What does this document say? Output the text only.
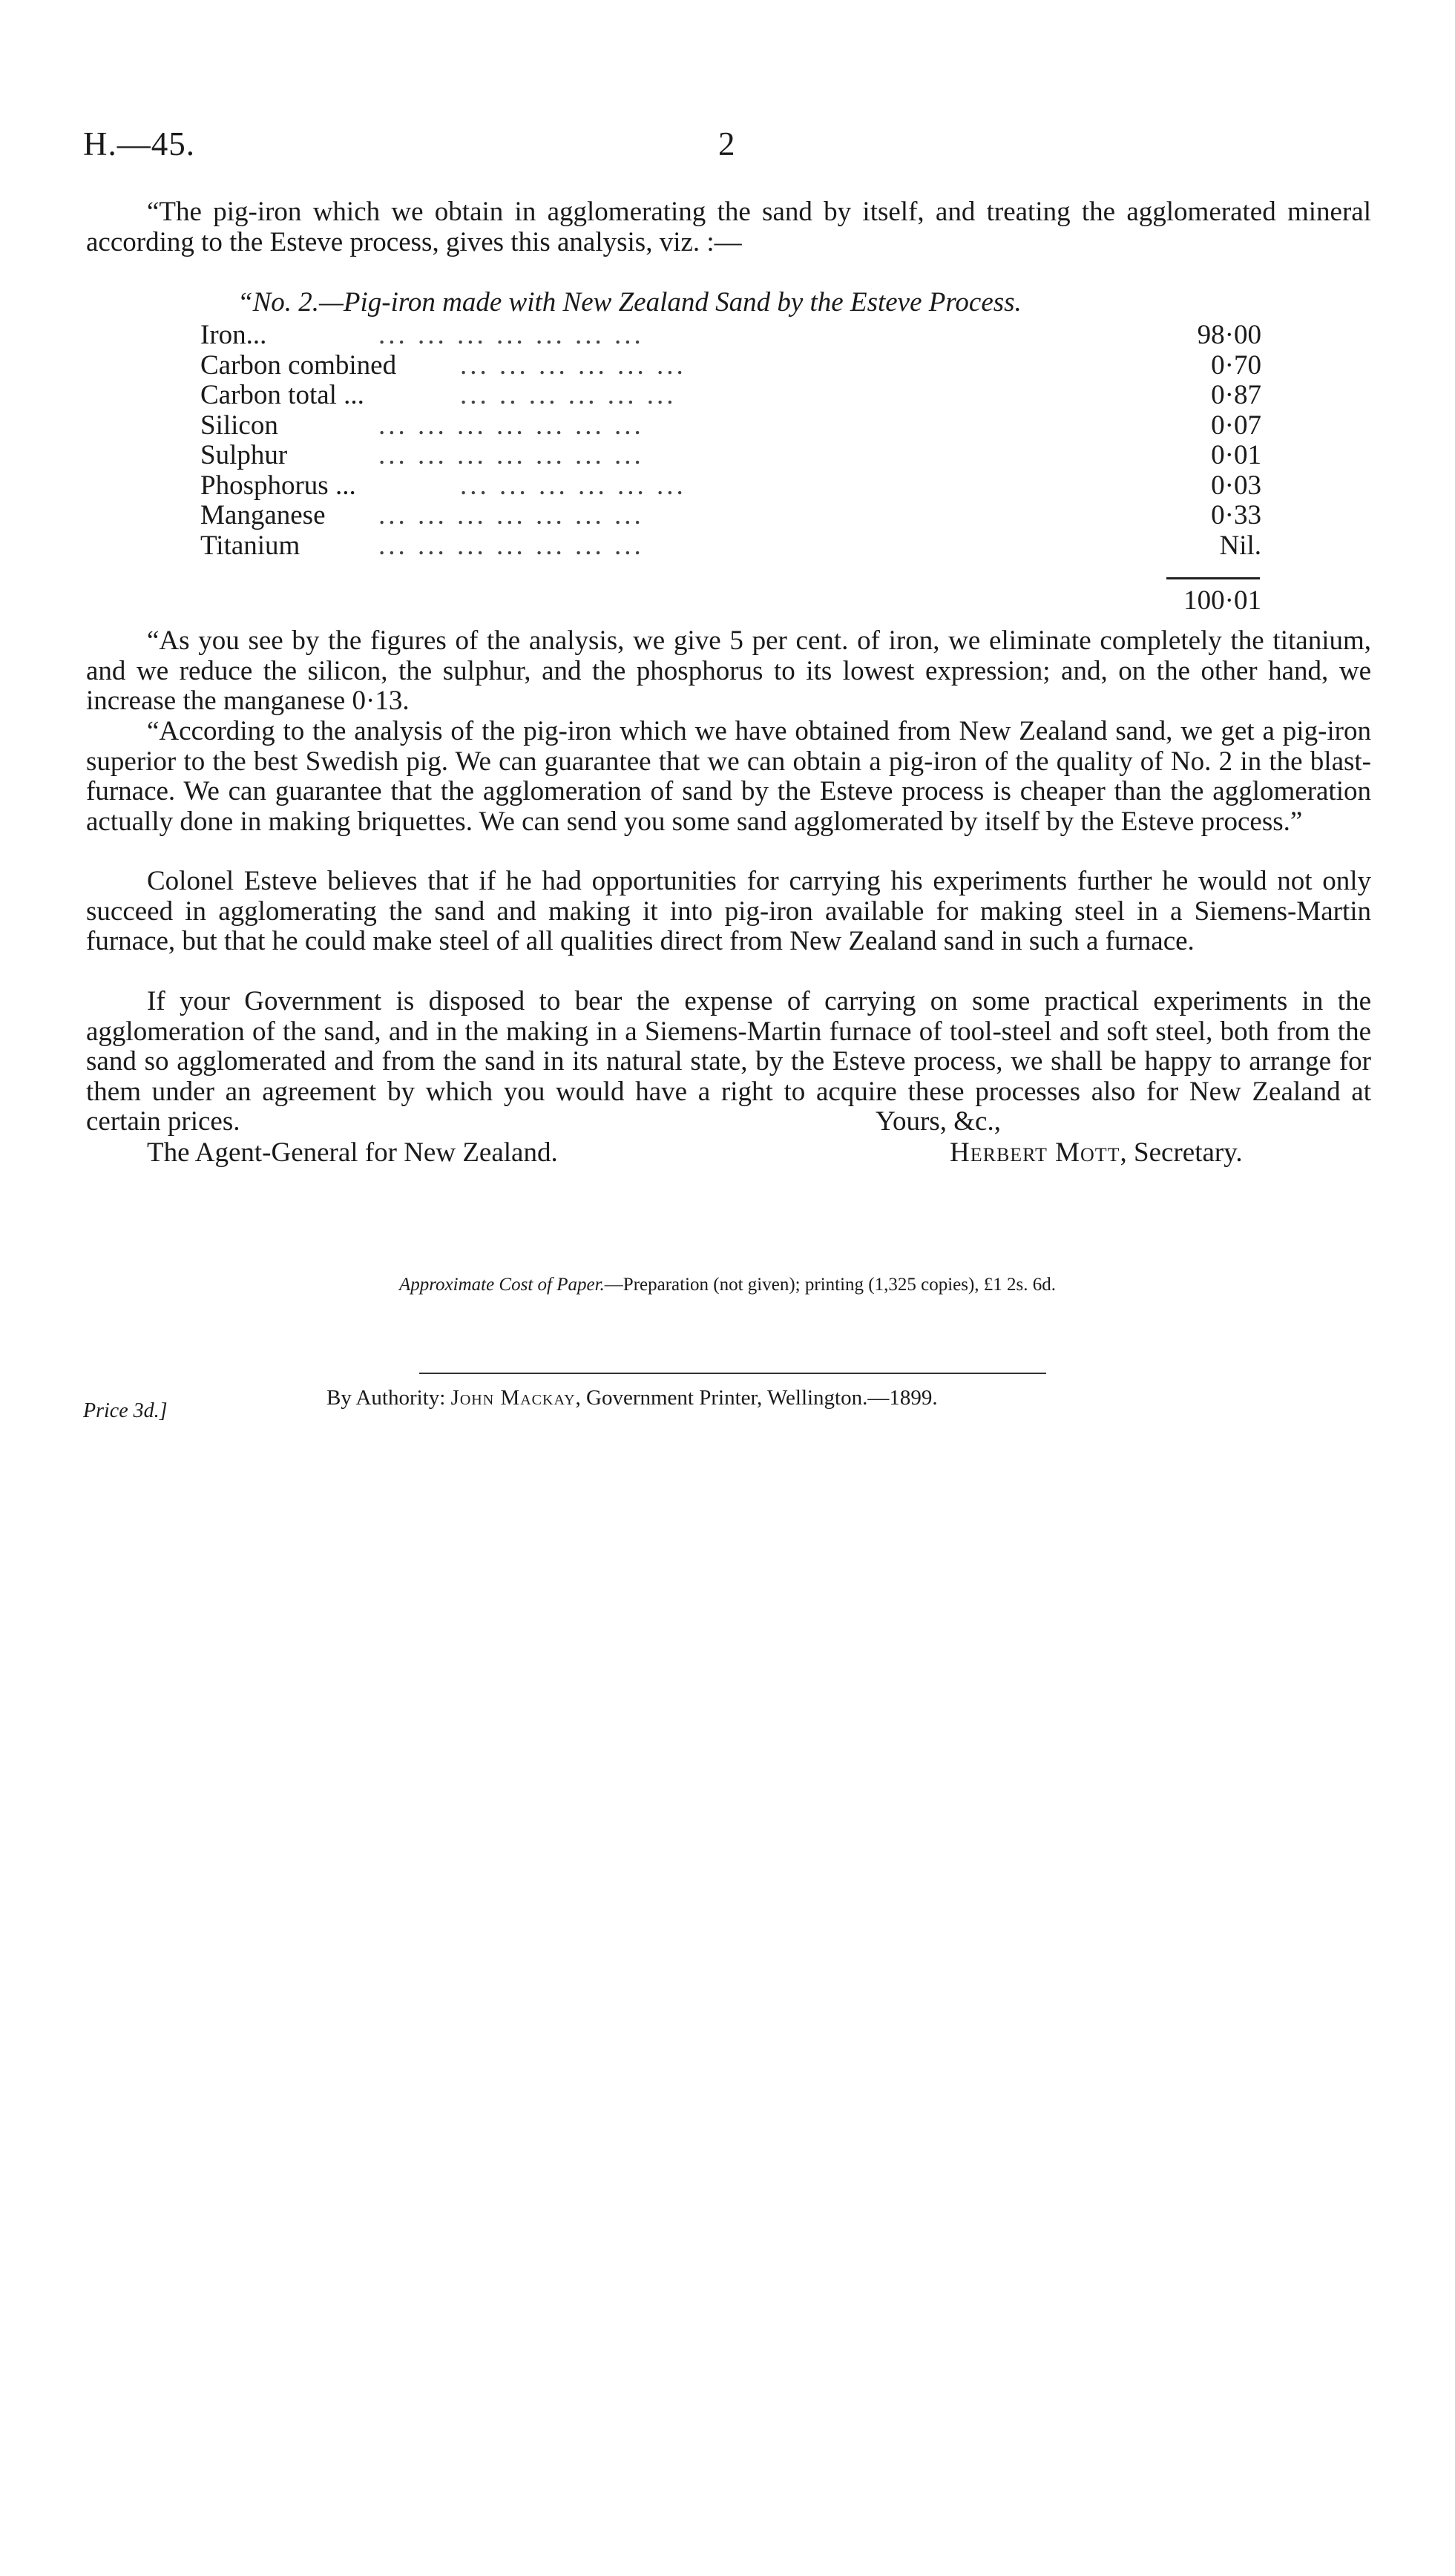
H.—45.	2

“The pig-iron which we obtain in agglomerating the sand by itself, and treating the agglomerated mineral according to the Esteve process, gives this analysis, viz. :—

“No. 2.—Pig-iron made with New Zealand Sand by the Esteve Process.
Iron...	... ... ... ... ... ... ...	98·00
Carbon combined ... ... ... ... ... ...	0·70
Carbon total ...	... .. ... ... ... ...	0·87
Silicon	... ... ... ... ... ... ...	0·07
Sulphur	... ... ... ... ... ... ...	0·01
Phosphorus ...	... ... ... ... ... ...	0·03
Manganese ... ... ... ... ... ... ...	0·33
Titanium	... ... ... ... ... ... ...	Nil.
100·01

“As you see by the figures of the analysis, we give 5 per cent. of iron, we eliminate completely the titanium, and we reduce the silicon, the sulphur, and the phosphorus to its lowest expression; and, on the other hand, we increase the manganese 0·13.

“According to the analysis of the pig-iron which we have obtained from New Zealand sand, we get a pig-iron superior to the best Swedish pig. We can guarantee that we can obtain a pig-iron of the quality of No. 2 in the blast-furnace. We can guarantee that the agglomeration of sand by the Esteve process is cheaper than the agglomeration actually done in making briquettes. We can send you some sand agglomerated by itself by the Esteve process.”

Colonel Esteve believes that if he had opportunities for carrying his experiments further he would not only succeed in agglomerating the sand and making it into pig-iron available for making steel in a Siemens-Martin furnace, but that he could make steel of all qualities direct from New Zealand sand in such a furnace.

If your Government is disposed to bear the expense of carrying on some practical experiments in the agglomeration of the sand, and in the making in a Siemens-Martin furnace of tool-steel and soft steel, both from the sand so agglomerated and from the sand in its natural state, by the Esteve process, we shall be happy to arrange for them under an agreement by which you would have a right to acquire these processes also for New Zealand at certain prices.	Yours, &c.,
The Agent-General for New Zealand.	Herbert Mott, Secretary.
Approximate Cost of Paper.—Preparation (not given); printing (1,325 copies), £1 2s. 6d.
Price 3d.]
By Authority: John Mackay, Government Printer, Wellington.—1899.
